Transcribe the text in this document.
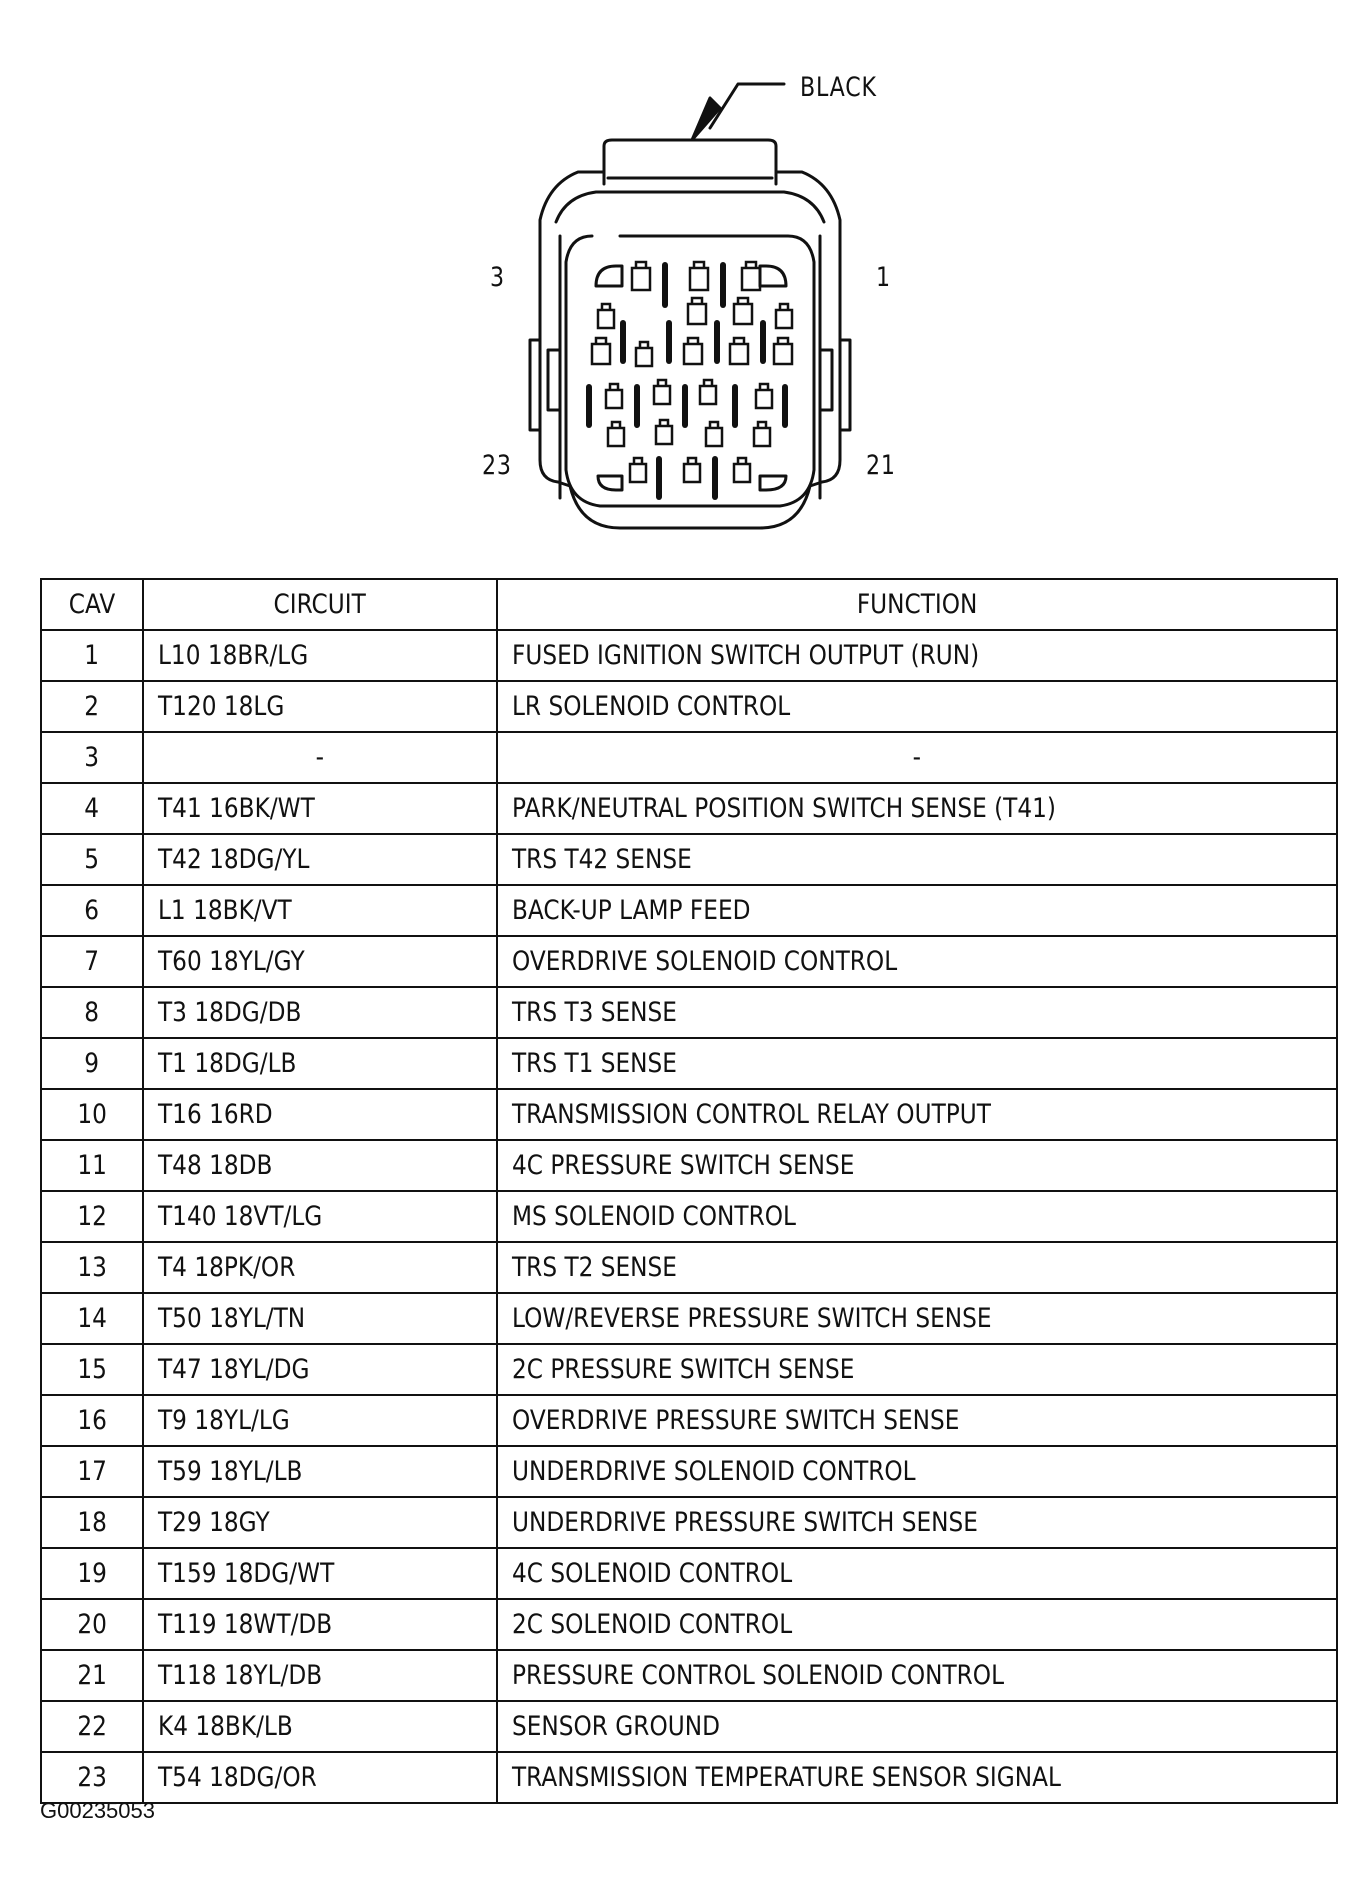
BLACK
3	1
23	21
CAV	CIRCUIT	FUNCTION
1	L10 18BR/LG	FUSED IGNITION SWITCH OUTPUT (RUN)
2	T120 18LG	LR SOLENOID CONTROL
3	-	-
4	T41 16BK/WT	PARK/NEUTRAL POSITION SWITCH SENSE (T41)
5	T42 18DG/YL	TRS T42 SENSE
6	L1 18BK/VT	BACK-UP LAMP FEED
7	T60 18YL/GY	OVERDRIVE SOLENOID CONTROL
8	T3 18DG/DB	TRS T3 SENSE
9	T1 18DG/LB	TRS T1 SENSE
10	T16 16RD	TRANSMISSION CONTROL RELAY OUTPUT
11	T48 18DB	4C PRESSURE SWITCH SENSE
12	T140 18VT/LG	MS SOLENOID CONTROL
13	T4 18PK/OR	TRS T2 SENSE
14	T50 18YL/TN	LOW/REVERSE PRESSURE SWITCH SENSE
15	T47 18YL/DG	2C PRESSURE SWITCH SENSE
16	T9 18YL/LG	OVERDRIVE PRESSURE SWITCH SENSE
17	T59 18YL/LB	UNDERDRIVE SOLENOID CONTROL
18	T29 18GY	UNDERDRIVE PRESSURE SWITCH SENSE
19	T159 18DG/WT	4C SOLENOID CONTROL
20	T119 18WT/DB	2C SOLENOID CONTROL
21	T118 18YL/DB	PRESSURE CONTROL SOLENOID CONTROL
22	K4 18BK/LB	SENSOR GROUND
23	T54 18DG/OR	TRANSMISSION TEMPERATURE SENSOR SIGNAL
G00235053
